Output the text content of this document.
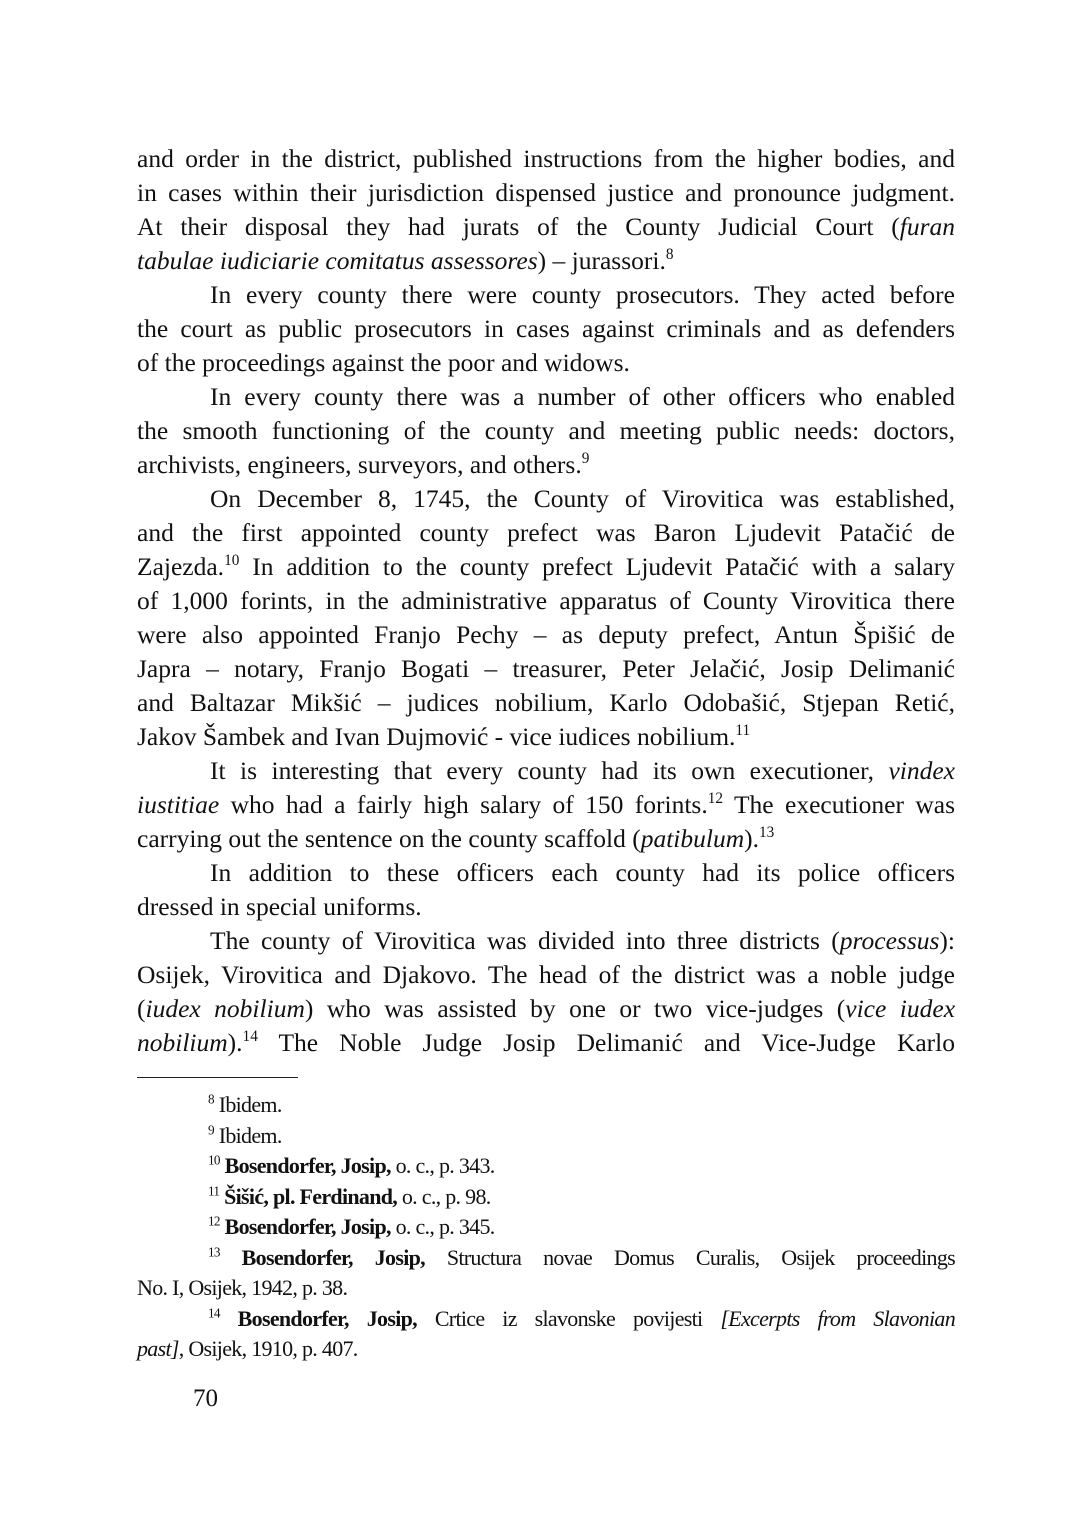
and order in the district, published instructions from the higher bodies, and
in cases within their jurisdiction dispensed justice and pronounce judgment.
At their disposal they had jurats of the County Judicial Court (furan
tabulae iudiciarie comitatus assessores) – jurassori.$^8$
In every county there were county prosecutors. They acted before
the court as public prosecutors in cases against criminals and as defenders
of the proceedings against the poor and widows.
In every county there was a number of other officers who enabled
the smooth functioning of the county and meeting public needs: doctors,
archivists, engineers, surveyors, and others.$^9$
On December 8, 1745, the County of Virovitica was established,
and the first appointed county prefect was Baron Ljudevit Patačić de
Zajezda.$^{10}$ In addition to the county prefect Ljudevit Patačić with a salary
of 1,000 forints, in the administrative apparatus of County Virovitica there
were also appointed Franjo Pechy – as deputy prefect, Antun Špišić de
Japra – notary, Franjo Bogati – treasurer, Peter Jelačić, Josip Delimanić
and Baltazar Mikšić – judices nobilium, Karlo Odobašić, Stjepan Retić,
Jakov Šambek and Ivan Dujmović - vice iudices nobilium.$^{11}$
It is interesting that every county had its own executioner, vindex
iustitiae who had a fairly high salary of 150 forints.$^{12}$ The executioner was
carrying out the sentence on the county scaffold (patibulum).$^{13}$
In addition to these officers each county had its police officers
dressed in special uniforms.
The county of Virovitica was divided into three districts (processus):
Osijek, Virovitica and Djakovo. The head of the district was a noble judge
(iudex nobilium) who was assisted by one or two vice-judges (vice iudex
nobilium).$^{14}$ The Noble Judge Josip Delimanić and Vice-Judge Karlo
$^8$ Ibidem.
$^9$ Ibidem.
$^{10}$ Bosendorfer, Josip, o. c., p. 343.
$^{11}$ Šišić, pl. Ferdinand, o. c., p. 98.
$^{12}$ Bosendorfer, Josip, o. c., p. 345.
$^{13}$ Bosendorfer, Josip, Structura novae Domus Curalis, Osijek proceedings
No. I, Osijek, 1942, p. 38.
$^{14}$ Bosendorfer, Josip, Crtice iz slavonske povijesti [Excerpts from Slavonian
past], Osijek, 1910, p. 407.
70
